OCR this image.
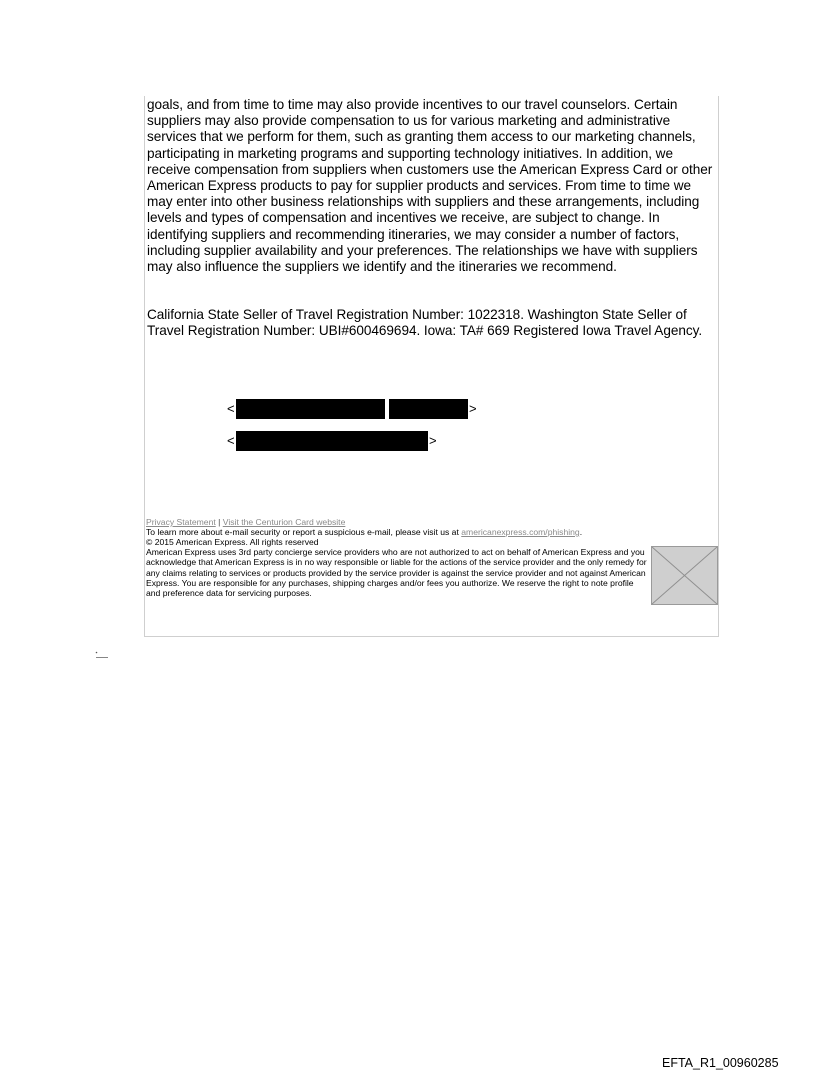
goals, and from time to time may also provide incentives to our travel counselors. Certain suppliers may also provide compensation to us for various marketing and administrative services that we perform for them, such as granting them access to our marketing channels, participating in marketing programs and supporting technology initiatives. In addition, we receive compensation from suppliers when customers use the American Express Card or other American Express products to pay for supplier products and services. From time to time we may enter into other business relationships with suppliers and these arrangements, including levels and types of compensation and incentives we receive, are subject to change. In identifying suppliers and recommending itineraries, we may consider a number of factors, including supplier availability and your preferences. The relationships we have with suppliers may also influence the suppliers we identify and the itineraries we recommend.

California State Seller of Travel Registration Number: 1022318. Washington State Seller of Travel Registration Number: UBI#600469694. Iowa: TA# 669 Registered Iowa Travel Agency.

<	>
<	>
Privacy Statement | Visit the Centurion Card website
To learn more about e-mail security or report a suspicious e-mail, please visit us at americanexpress.com/phishing.
© 2015 American Express. All rights reserved
American Express uses 3rd party concierge service providers who are not authorized to act on behalf of American Express and you acknowledge that American Express is in no way responsible or liable for the actions of the service provider and the only remedy for any claims relating to services or products provided by the service provider is against the service provider and not against American Express. You are responsible for any purchases, shipping charges and/or fees you authorize. We reserve the right to note profile and preference data for servicing purposes.
EFTA_R1_00960285
